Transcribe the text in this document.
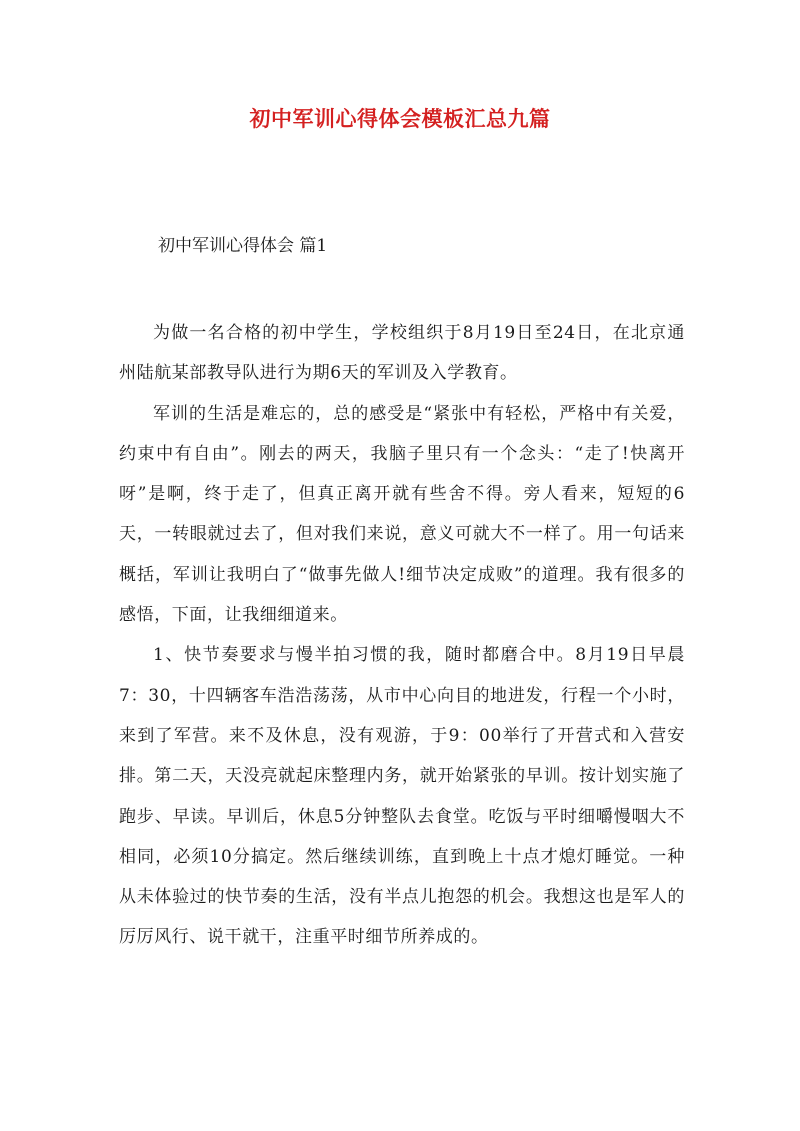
初中军训心得体会模板汇总九篇
初中军训心得体会 篇1

为做一名合格的初中学生，学校组织于8月19日至24日，在北京通州陆航某部教导队进行为期6天的军训及入学教育。

军训的生活是难忘的，总的感受是“紧张中有轻松，严格中有关爱，约束中有自由”。刚去的两天，我脑子里只有一个念头：“走了!快离开呀”是啊，终于走了，但真正离开就有些舍不得。旁人看来，短短的6天，一转眼就过去了，但对我们来说，意义可就大不一样了。用一句话来概括，军训让我明白了“做事先做人!细节决定成败”的道理。我有很多的感悟，下面，让我细细道来。

1、快节奏要求与慢半拍习惯的我，随时都磨合中。8月19日早晨7：30，十四辆客车浩浩荡荡，从市中心向目的地进发，行程一个小时，来到了军营。来不及休息，没有观游，于9：00举行了开营式和入营安排。第二天，天没亮就起床整理内务，就开始紧张的早训。按计划实施了跑步、早读。早训后，休息5分钟整队去食堂。吃饭与平时细嚼慢咽大不相同，必须10分搞定。然后继续训练，直到晚上十点才熄灯睡觉。一种从未体验过的快节奏的生活，没有半点儿抱怨的机会。我想这也是军人的厉厉风行、说干就干，注重平时细节所养成的。
